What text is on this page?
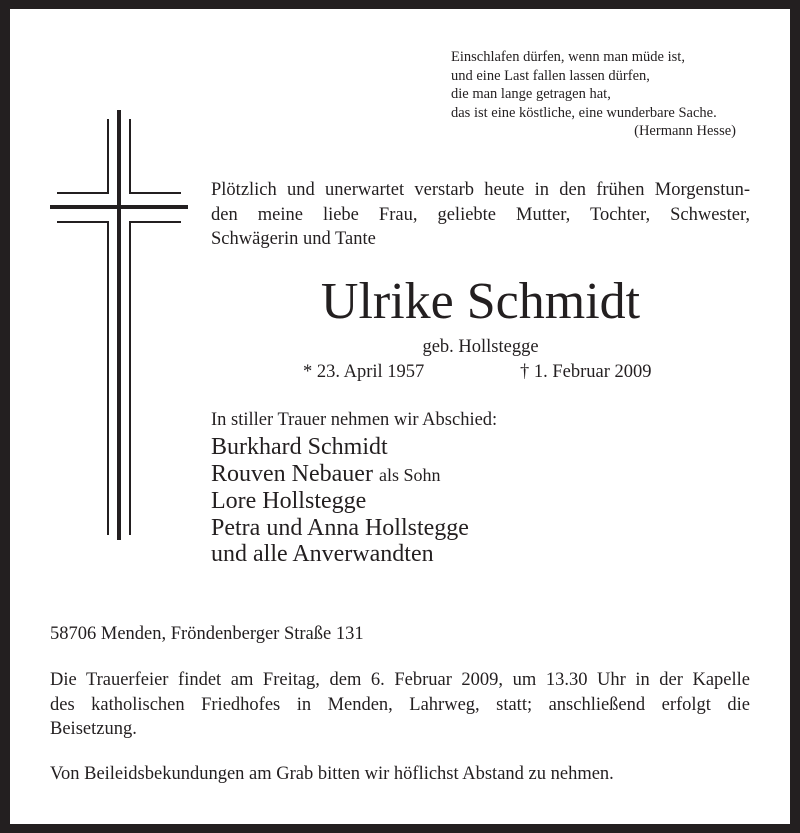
Einschlafen dürfen, wenn man müde ist,
und eine Last fallen lassen dürfen,
die man lange getragen hat,
das ist eine köstliche, eine wunderbare Sache.
(Hermann Hesse)
Plötzlich und unerwartet verstarb heute in den frühen Morgenstun-
den meine liebe Frau, geliebte Mutter, Tochter, Schwester,
Schwägerin und Tante
Ulrike Schmidt
geb. Hollstegge
* 23. April 1957	† 1. Februar 2009
In stiller Trauer nehmen wir Abschied:
Burkhard Schmidt
Rouven Nebauer als Sohn
Lore Hollstegge
Petra und Anna Hollstegge
und alle Anverwandten
58706 Menden, Fröndenberger Straße 131
Die Trauerfeier findet am Freitag, dem 6. Februar 2009, um 13.30 Uhr in der Kapelle
des katholischen Friedhofes in Menden, Lahrweg, statt; anschließend erfolgt die
Beisetzung.
Von Beileidsbekundungen am Grab bitten wir höflichst Abstand zu nehmen.
